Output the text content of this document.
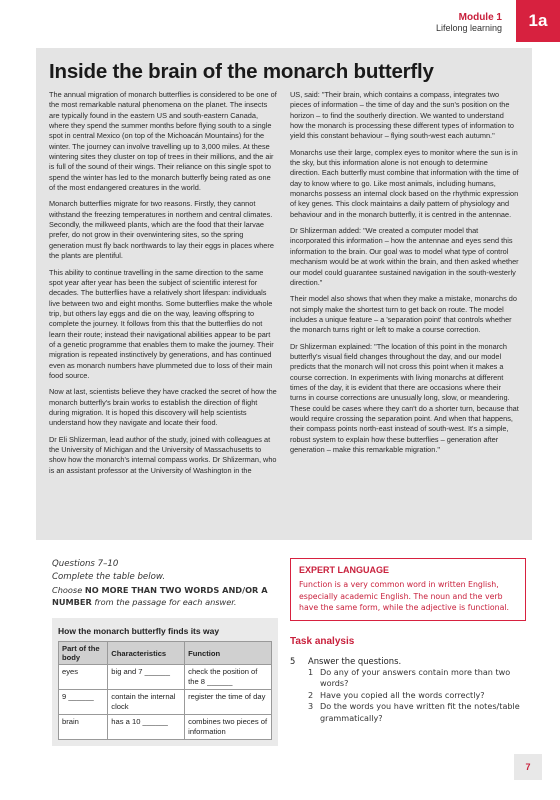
Module 1
Lifelong learning	1a
Inside the brain of the monarch butterfly

The annual migration of monarch butterflies is considered to be one of the most remarkable natural phenomena on the planet. The insects are typically found in the eastern US and south-eastern Canada, where they spend the summer months before flying south to a single spot in central Mexico (on top of the Michoacán Mountains) for the winter. The journey can involve travelling up to 3,000 miles. At these wintering sites they cluster on top of trees in their millions, and the air is full of the sound of their wings. Their reliance on this single spot to spend the winter has led to the monarch butterfly being rated as one of the most endangered creatures in the world.

Monarch butterflies migrate for two reasons. Firstly, they cannot withstand the freezing temperatures in northern and central climates. Secondly, the milkweed plants, which are the food that their larvae prefer, do not grow in their overwintering sites, so the spring generation must fly back northwards to lay their eggs in places where the plants are plentiful.

This ability to continue travelling in the same direction to the same spot year after year has been the subject of scientific interest for decades. The butterflies have a relatively short lifespan: individuals live between two and eight months. Some butterflies make the whole trip, but others lay eggs and die on the way, leaving offspring to complete the journey. It follows from this that the butterflies do not learn their route; instead their navigational abilities appear to be part of a genetic programme that enables them to make the journey. Their migration is repeated instinctively by generations, and has continued even as monarch numbers have plummeted due to loss of their main food source.

Now at last, scientists believe they have cracked the secret of how the monarch butterfly's brain works to establish the direction of flight during migration. It is hoped this discovery will help scientists understand how they navigate and locate their food.

Dr Eli Shlizerman, lead author of the study, joined with colleagues at the University of Michigan and the University of Massachusetts to show how the monarch's internal compass works. Dr Shlizerman, who is an assistant professor at the University of Washington in the

US, said: "Their brain, which contains a compass, integrates two pieces of information – the time of day and the sun's position on the horizon – to find the southerly direction. We wanted to understand how the monarch is processing these different types of information to yield this constant behaviour – flying south-west each autumn."

Monarchs use their large, complex eyes to monitor where the sun is in the sky, but this information alone is not enough to determine direction. Each butterfly must combine that information with the time of day to know where to go. Like most animals, including humans, monarchs possess an internal clock based on the rhythmic expression of key genes. This clock maintains a daily pattern of physiology and behaviour and in the monarch butterfly, it is centred in the antennae.

Dr Shlizerman added: "We created a computer model that incorporated this information – how the antennae and eyes send this information to the brain. Our goal was to model what type of control mechanism would be at work within the brain, and then asked whether our model could guarantee sustained navigation in the south-westerly direction."

Their model also shows that when they make a mistake, monarchs do not simply make the shortest turn to get back on route. The model includes a unique feature – a 'separation point' that controls whether the monarch turns right or left to make a course correction.

Dr Shlizerman explained: "The location of this point in the monarch butterfly's visual field changes throughout the day, and our model predicts that the monarch will not cross this point when it makes a course correction. In experiments with living monarchs at different times of the day, it is evident that there are occasions where their turns in course corrections are unusually long, slow, or meandering. These could be cases where they can't do a shorter turn, because that would require crossing the separation point. And when that happens, their compass points north-east instead of south-west. It's a simple, robust system to explain how these butterflies – generation after generation – make this remarkable migration."

Questions 7–10
Complete the table below.
Choose NO MORE THAN TWO WORDS AND/OR A NUMBER from the passage for each answer.
How the monarch butterfly finds its way
Part of the body	Characteristics	Function
eyes	big and 7 ______	check the position of the 8 ______
9 ______	contain the internal clock	register the time of day
brain	has a 10 ______	combines two pieces of information
EXPERT LANGUAGE
Function is a very common word in written English, especially academic English. The noun and the verb have the same form, while the adjective is functional.
Task analysis
5	Answer the questions.
1 Do any of your answers contain more than two words?
2 Have you copied all the words correctly?
3 Do the words you have written fit the notes/table grammatically?
7
